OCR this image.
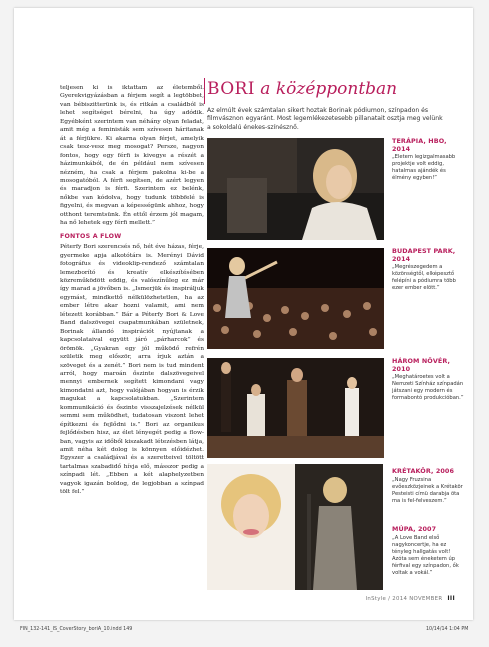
teljesen ki is iktattam az életemből. Gyerekvigyázásban a férjem segít a legtöbbet, van bébiszitterünk is, és ritkán a családból is lehet segítséget bérelni, ha úgy adódik. Egyébként szerintem van néhány olyan feladat, amit még a feministák sem szívesen háritanak át a férjükre. Ki akarna olyan férjet, amelyik csak tesz-vesz meg mosogat? Persze, nagyon fontos, hogy egy férfi is kivegye a részét a házimunkából, de én például nem szívesen nézném, ha csak a férjem pakolna ki-be a mosogatóból. A férfi segítsen, de azért legyen és maradjon is férfi. Szerintem ez belénk, nőkbe van kódolva, hogy tudunk többfelé is figyelni, és megvan a képességünk ahhoz, hogy otthont teremtsünk. Én ettől érzem jól magam, ha nő lehetek egy férfi mellett.”

FONTOS A FLOW

Péterfy Bori szerencsés nő, hét éve házas, férje, gyermeke apja alkotótárs is. Merényi Dávid fotográfus és videoklip-rendező számtalan lemezborító és kreatív elkészítésében közreműködött eddig, és valószínűleg ez már így marad a jövőben is. „Ismerjük és inspiráljuk egymást, mindkettő nélkülözhetetlen, ha az ember létre akar hozni valamit, ami nem létezett korábban.” Bár a Péterfy Bori & Love Band dalszövegei csapatmunkában születnek, Borinak állandó inspirációt nyújtanak a kapcsolataival együtt járó „párharcok” és örömök. „Gyakran egy jól működő refrén születik meg először, arra írjuk aztán a szöveget és a zenét.” Bori nem is tud mindent arról, hogy maroán őszinte dalszövegeivel mennyi embernek segített kimondani vagy kimondatni azt, hogy valójában hogyan is érzik magukat a kapcsolatukban. „Szerintem kommunikáció és őszinte visszajelzések nélkül semmi sem működhet, tudatosan viszont lehet építkezni és fejlődni is.” Bori az organikus fejlődésben hisz, az élet lényegét pedig a flow-ban, vagyis az időből kiszakadt létezésben látja, amit néha két dolog is könnyen előidézhet. Egyszer a családjával és a szeretteivel töltött tartalmas szabadidő hívja elő, másszor pedig a színpadi lét. „Ebben a két alaphelyzetben vagyok igazán boldog, de legjobban a színpad tölt fel.”

BORI a középpontban
Az elmúlt évek számtalan sikert hoztak Borinak pódiumon, színpadon és filmvásznon egyaránt. Most legemlékezetesebb pillanatait osztja meg velünk a sokoldalú énekes-színésznő.
TERÁPIA, HBO, 2014
„Eletem legizgalmasabb projektje volt eddig, hatalmas ajándék és élmény egyben!”
BUDAPEST PARK, 2014
„Megrészegedem a közönségtől, elképesztő felépíni a pódiumra több ezer ember elött.”
HÁROM NŐVÉR, 2010
„Meghatároetes volt a Nemzeti Színház színpadán játszani egy modern és formabontó produkcióban.”
KRÉTAKÖR, 2006
„Nagy Fruzsina evőeszközjeinek a Krétakör Pesteisti címü darabja öta ma is fel-felveszem.”
MÚPA, 2007
„A Love Band első nagykoncertje, ha ez tényleg hallgatás volt! Azóta sem éneketem úp férfival egy színpadon, ők voltak a vokál.”
InStyle / 2014 NOVEMBER III
FIN_132-141_IS_CoverStory_boriA_10.indd 149	10/14/14 1:04 PM
